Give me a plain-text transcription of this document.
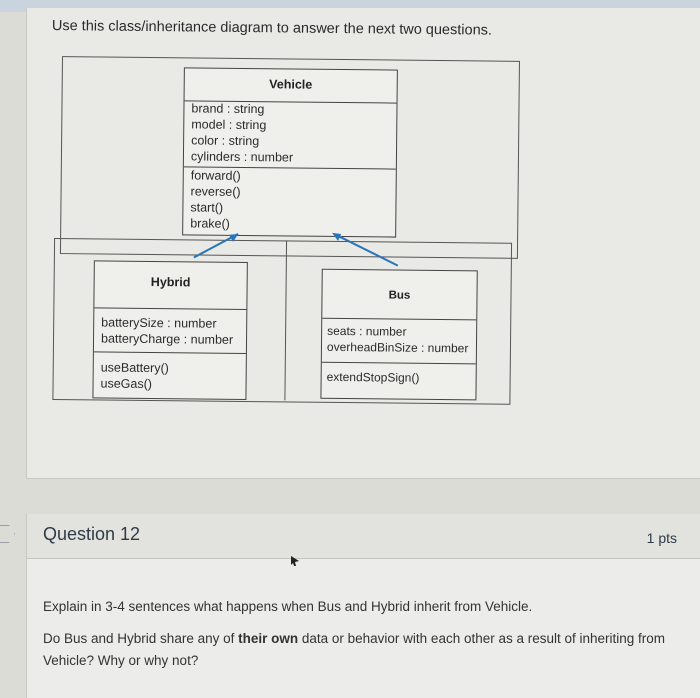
Use this class/inheritance diagram to answer the next two questions.
Vehicle
brand : string
model : string
color : string
cylinders : number
forward()
reverse()
start()
brake()
Hybrid
batterySize : number
batteryCharge : number
useBattery()
useGas()
Bus
seats : number
overheadBinSize : number
extendStopSign()
Question 12	1 pts

Explain in 3-4 sentences what happens when Bus and Hybrid inherit from Vehicle.

Do Bus and Hybrid share any of their own data or behavior with each other as a result of inheriting from Vehicle? Why or why not?
